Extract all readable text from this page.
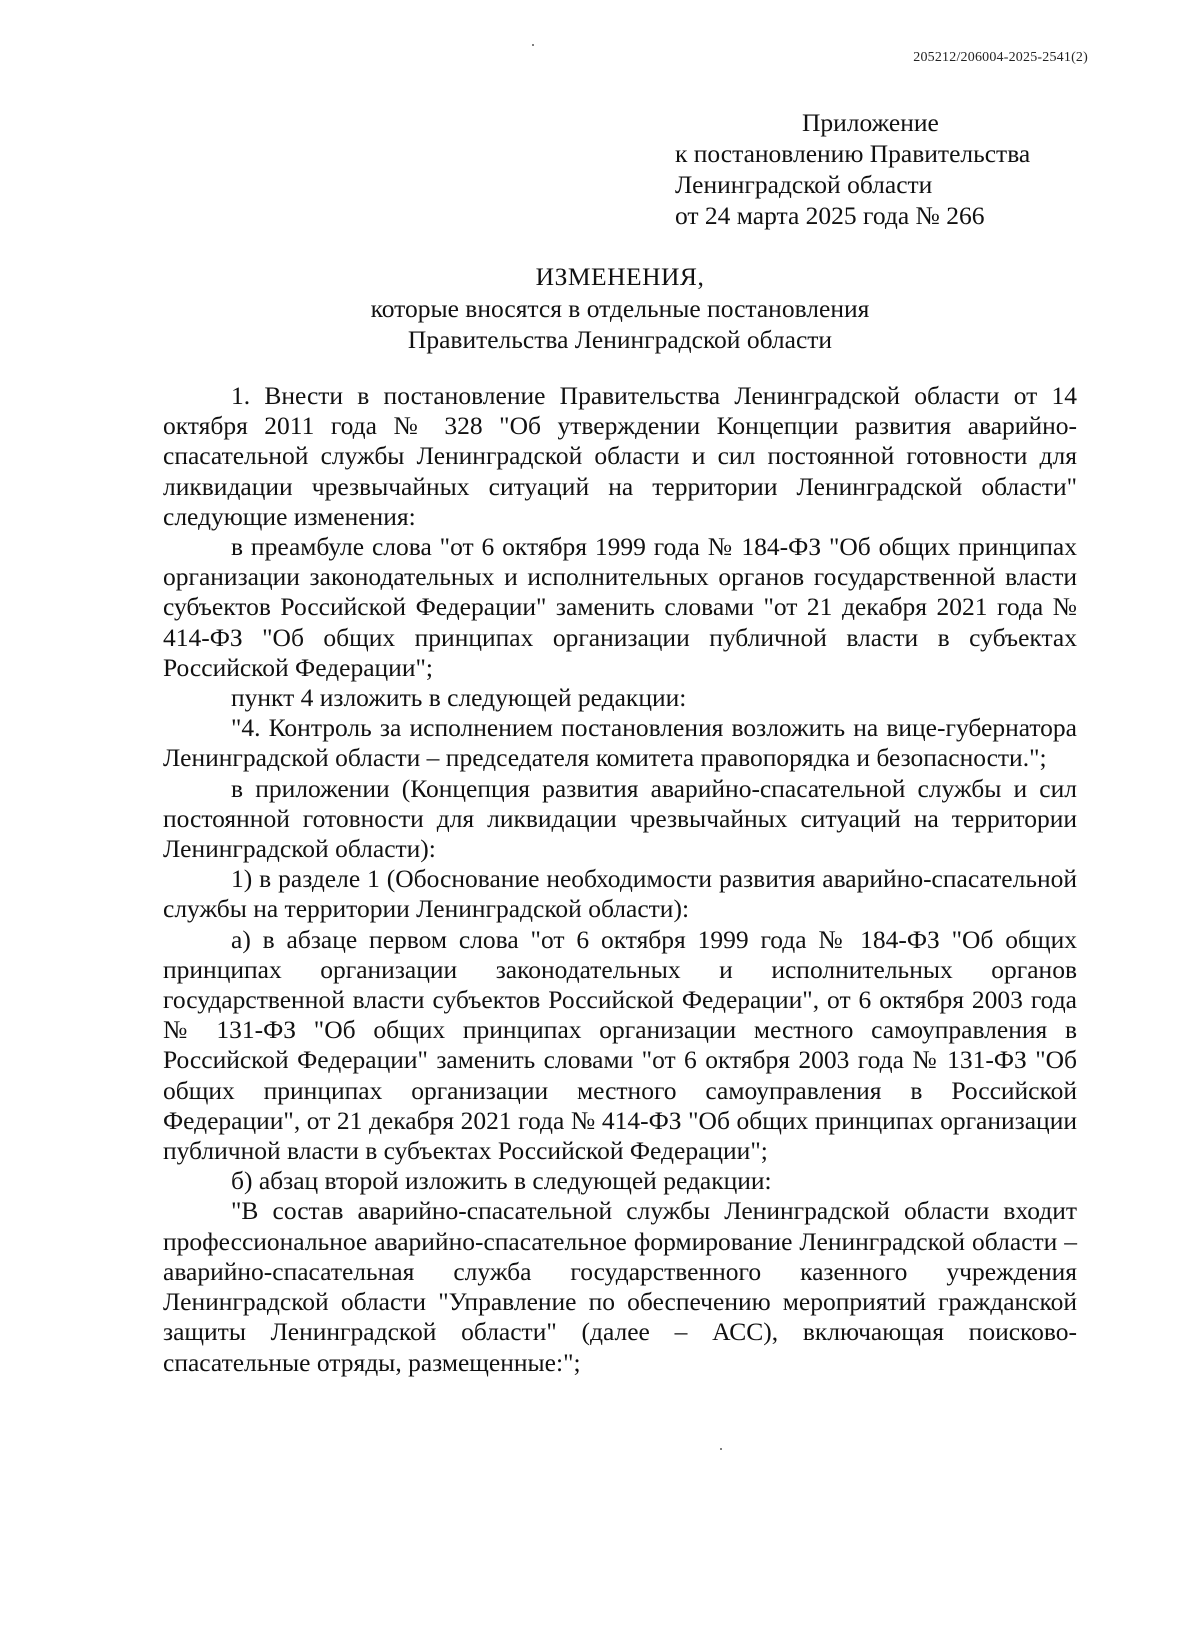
205212/206004-2025-2541(2)
Приложение
к постановлению Правительства
Ленинградской области
от 24 марта 2025 года № 266
ИЗМЕНЕНИЯ,
которые вносятся в отдельные постановления
Правительства Ленинградской области

1. Внести в постановление Правительства Ленинградской области от 14 октября 2011 года № 328 "Об утверждении Концепции развития аварийно-спасательной службы Ленинградской области и сил постоянной готовности для ликвидации чрезвычайных ситуаций на территории Ленинградской области" следующие изменения:

в преамбуле слова "от 6 октября 1999 года № 184-ФЗ "Об общих принципах организации законодательных и исполнительных органов государственной власти субъектов Российской Федерации" заменить словами "от 21 декабря 2021 года № 414-ФЗ "Об общих принципах организации публичной власти в субъектах Российской Федерации";

пункт 4 изложить в следующей редакции:

"4. Контроль за исполнением постановления возложить на вице-губернатора Ленинградской области – председателя комитета правопорядка и безопасности.";

в приложении (Концепция развития аварийно-спасательной службы и сил постоянной готовности для ликвидации чрезвычайных ситуаций на территории Ленинградской области):

1) в разделе 1 (Обоснование необходимости развития аварийно-спасательной службы на территории Ленинградской области):

а) в абзаце первом слова "от 6 октября 1999 года № 184-ФЗ "Об общих принципах организации законодательных и исполнительных органов государственной власти субъектов Российской Федерации", от 6 октября 2003 года № 131-ФЗ "Об общих принципах организации местного самоуправления в Российской Федерации" заменить словами "от 6 октября 2003 года № 131-ФЗ "Об общих принципах организации местного самоуправления в Российской Федерации", от 21 декабря 2021 года № 414-ФЗ "Об общих принципах организации публичной власти в субъектах Российской Федерации";

б) абзац второй изложить в следующей редакции:

"В состав аварийно-спасательной службы Ленинградской области входит профессиональное аварийно-спасательное формирование Ленинградской области – аварийно-спасательная служба государственного казенного учреждения Ленинградской области "Управление по обеспечению мероприятий гражданской защиты Ленинградской области" (далее – АСС), включающая поисково-спасательные отряды, размещенные:";
